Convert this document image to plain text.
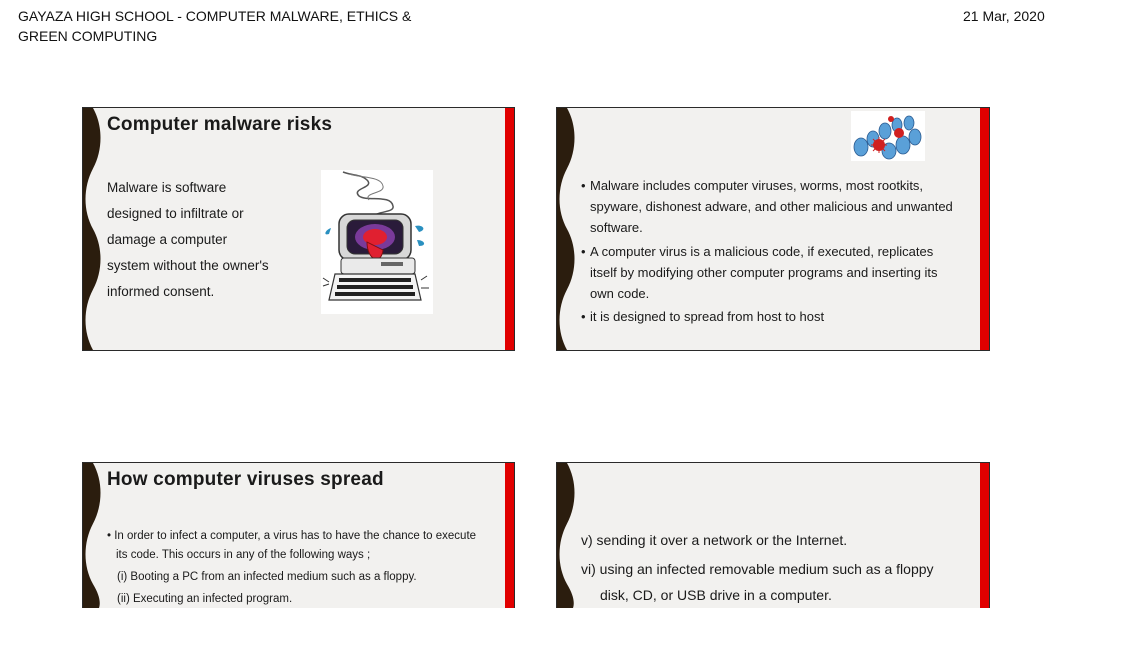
GAYAZA HIGH SCHOOL - COMPUTER MALWARE, ETHICS & GREEN COMPUTING
21 Mar, 2020
Computer malware risks
Malware is software
designed to infiltrate or
damage a computer
system without the owner's
informed consent.
• Malware includes computer viruses, worms, most rootkits,
spyware, dishonest adware, and other malicious and unwanted
software.
• A computer virus is a malicious code, if executed, replicates
itself by modifying other computer programs and inserting its
own code.
• it is designed to spread from host to host
How computer viruses spread
• In order to infect a computer, a virus has to have the chance to execute
its code. This occurs in any of the following ways ;
(i) Booting a PC from an infected medium such as a floppy.
(ii) Executing an infected program.
v) sending it over a network or the Internet.
vi) using an infected removable medium such as a floppy
disk, CD, or USB drive in a computer.
